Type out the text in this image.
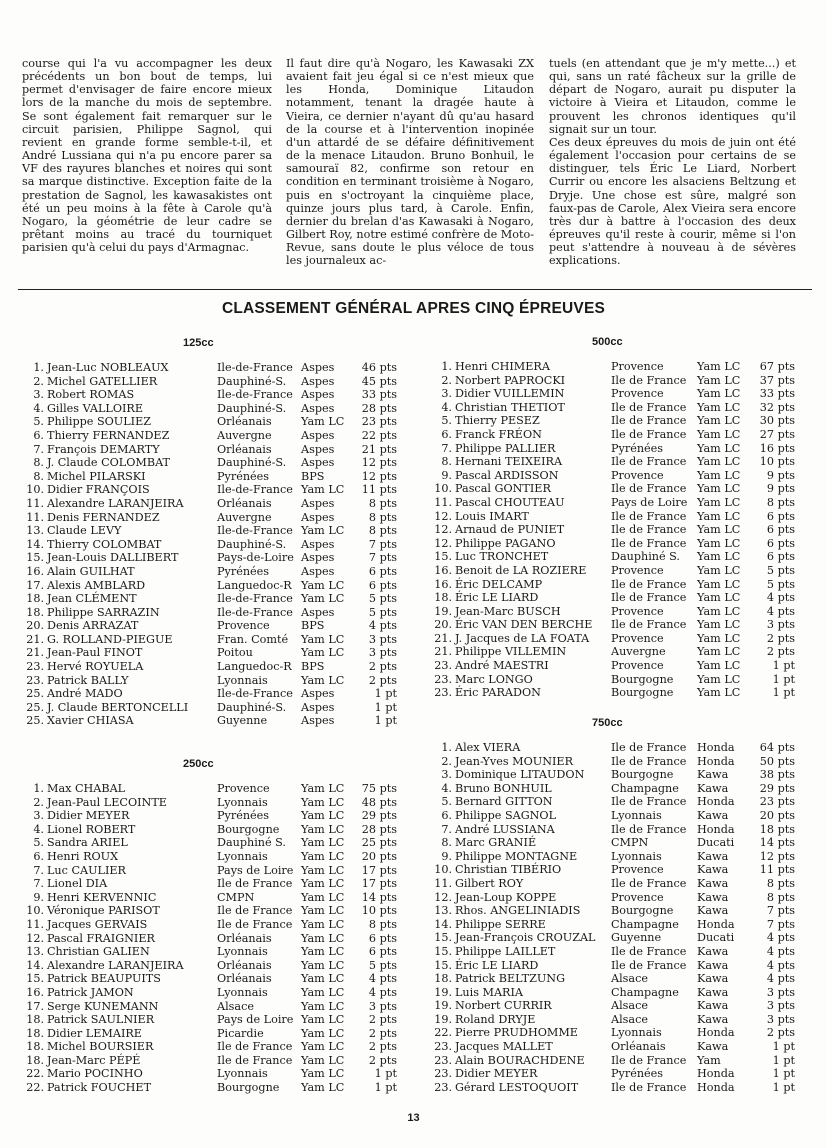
course qui l'a vu accompagner les deux précédents un bon bout de temps, lui permet d'envisager de faire encore mieux lors de la manche du mois de septembre. Se sont également fait remarquer sur le circuit parisien, Philippe Sagnol, qui revient en grande forme semble-t-il, et André Lussiana qui n'a pu encore parer sa VF des rayures blanches et noires qui sont sa marque distinctive. Exception faite de la prestation de Sagnol, les kawasakistes ont été un peu moins à la fête à Carole qu'à Nogaro, la géométrie de leur cadre se prêtant moins au tracé du tourniquet parisien qu'à celui du pays d'Armagnac.

Il faut dire qu'à Nogaro, les Kawasaki ZX avaient fait jeu égal si ce n'est mieux que les Honda, Dominique Litaudon notamment, tenant la dragée haute à Vieira, ce dernier n'ayant dû qu'au hasard de la course et à l'intervention inopinée d'un attardé de se défaire définitivement de la menace Litaudon. Bruno Bonhuil, le samouraï 82, confirme son retour en condition en terminant troisième à Nogaro, puis en s'octroyant la cinquième place, quinze jours plus tard, à Carole. Enfin, dernier du brelan d'as Kawasaki à Nogaro, Gilbert Roy, notre estimé confrère de Moto-Revue, sans doute le plus véloce de tous les journaleux ac-

tuels (en attendant que je m'y mette...) et qui, sans un raté fâcheux sur la grille de départ de Nogaro, aurait pu disputer la victoire à Vieira et Litaudon, comme le prouvent les chronos identiques qu'il signait sur un tour.

Ces deux épreuves du mois de juin ont été également l'occasion pour certains de se distinguer, tels Éric Le Liard, Norbert Currir ou encore les alsaciens Beltzung et Dryje. Une chose est sûre, malgré son faux-pas de Carole, Alex Vieira sera encore très dur à battre à l'occasion des deux épreuves qu'il reste à courir, même si l'on peut s'attendre à nouveau à de sévères explications.

CLASSEMENT GÉNÉRAL APRES CINQ ÉPREUVES
125cc
1.	Jean-Luc NOBLEAUX	Ile-de-France	Aspes	46 pts
2.	Michel GATELLIER	Dauphiné-S.	Aspes	45 pts
3.	Robert ROMAS	Ile-de-France	Aspes	33 pts
4.	Gilles VALLOIRE	Dauphiné-S.	Aspes	28 pts
5.	Philippe SOULIEZ	Orléanais	Yam LC	23 pts
6.	Thierry FERNANDEZ	Auvergne	Aspes	22 pts
7.	François DEMARTY	Orléanais	Aspes	21 pts
8.	J. Claude COLOMBAT	Dauphiné-S.	Aspes	12 pts
8.	Michel PILARSKI	Pyrénées	BPS	12 pts
10.	Didier FRANÇOIS	Ile-de-France	Yam LC	11 pts
11.	Alexandre LARANJEIRA	Orléanais	Aspes	8 pts
11.	Denis FERNANDEZ	Auvergne	Aspes	8 pts
13.	Claude LEVY	Ile-de-France	Yam LC	8 pts
14.	Thierry COLOMBAT	Dauphiné-S.	Aspes	7 pts
15.	Jean-Louis DALLIBERT	Pays-de-Loire	Aspes	7 pts
16.	Alain GUILHAT	Pyrénées	Aspes	6 pts
17.	Alexis AMBLARD	Languedoc-R	Yam LC	6 pts
18.	Jean CLÉMENT	Ile-de-France	Yam LC	5 pts
18.	Philippe SARRAZIN	Ile-de-France	Aspes	5 pts
20.	Denis ARRAZAT	Provence	BPS	4 pts
21.	G. ROLLAND-PIEGUE	Fran. Comté	Yam LC	3 pts
21.	Jean-Paul FINOT	Poitou	Yam LC	3 pts
23.	Hervé ROYUELA	Languedoc-R	BPS	2 pts
23.	Patrick BALLY	Lyonnais	Yam LC	2 pts
25.	André MADO	Ile-de-France	Aspes	1 pt
25.	J. Claude BERTONCELLI	Dauphiné-S.	Aspes	1 pt
25.	Xavier CHIASA	Guyenne	Aspes	1 pt
250cc
1.	Max CHABAL	Provence	Yam LC	75 pts
2.	Jean-Paul LECOINTE	Lyonnais	Yam LC	48 pts
3.	Didier MEYER	Pyrénées	Yam LC	29 pts
4.	Lionel ROBERT	Bourgogne	Yam LC	28 pts
5.	Sandra ARIEL	Dauphiné S.	Yam LC	25 pts
6.	Henri ROUX	Lyonnais	Yam LC	20 pts
7.	Luc CAULIER	Pays de Loire	Yam LC	17 pts
7.	Lionel DIA	Ile de France	Yam LC	17 pts
9.	Henri KERVENNIC	CMPN	Yam LC	14 pts
10.	Véronique PARISOT	Ile de France	Yam LC	10 pts
11.	Jacques GERVAIS	Ile de France	Yam LC	8 pts
12.	Pascal FRAIGNIER	Orléanais	Yam LC	6 pts
13.	Christian GALIEN	Lyonnais	Yam LC	6 pts
14.	Alexandre LARANJEIRA	Orléanais	Yam LC	5 pts
15.	Patrick BEAUPUITS	Orléanais	Yam LC	4 pts
16.	Patrick JAMON	Lyonnais	Yam LC	4 pts
17.	Serge KUNEMANN	Alsace	Yam LC	3 pts
18.	Patrick SAULNIER	Pays de Loire	Yam LC	2 pts
18.	Didier LEMAIRE	Picardie	Yam LC	2 pts
18.	Michel BOURSIER	Ile de France	Yam LC	2 pts
18.	Jean-Marc PÉPÉ	Ile de France	Yam LC	2 pts
22.	Mario POCINHO	Lyonnais	Yam LC	1 pt
22.	Patrick FOUCHET	Bourgogne	Yam LC	1 pt
500cc
1.	Henri CHIMERA	Provence	Yam LC	67 pts
2.	Norbert PAPROCKI	Ile de France	Yam LC	37 pts
3.	Didier VUILLEMIN	Provence	Yam LC	33 pts
4.	Christian THETIOT	Ile de France	Yam LC	32 pts
5.	Thierry PESEZ	Ile de France	Yam LC	30 pts
6.	Franck FRÉON	Ile de France	Yam LC	27 pts
7.	Philippe PALLIER	Pyrénées	Yam LC	16 pts
8.	Hernani TEIXEIRA	Ile de France	Yam LC	10 pts
9.	Pascal ARDISSON	Provence	Yam LC	9 pts
10.	Pascal GONTIER	Ile de France	Yam LC	9 pts
11.	Pascal CHOUTEAU	Pays de Loire	Yam LC	8 pts
12.	Louis IMART	Ile de France	Yam LC	6 pts
12.	Arnaud de PUNIET	Ile de France	Yam LC	6 pts
12.	Philippe PAGANO	Ile de France	Yam LC	6 pts
15.	Luc TRONCHET	Dauphiné S.	Yam LC	6 pts
16.	Benoit de LA ROZIERE	Provence	Yam LC	5 pts
16.	Éric DELCAMP	Ile de France	Yam LC	5 pts
18.	Éric LE LIARD	Ile de France	Yam LC	4 pts
19.	Jean-Marc BUSCH	Provence	Yam LC	4 pts
20.	Éric VAN DEN BERCHE	Ile de France	Yam LC	3 pts
21.	J. Jacques de LA FOATA	Provence	Yam LC	2 pts
21.	Philippe VILLEMIN	Auvergne	Yam LC	2 pts
23.	André MAESTRI	Provence	Yam LC	1 pt
23.	Marc LONGO	Bourgogne	Yam LC	1 pt
23.	Éric PARADON	Bourgogne	Yam LC	1 pt
750cc
1.	Alex VIERA	Ile de France	Honda	64 pts
2.	Jean-Yves MOUNIER	Ile de France	Honda	50 pts
3.	Dominique LITAUDON	Bourgogne	Kawa	38 pts
4.	Bruno BONHUIL	Champagne	Kawa	29 pts
5.	Bernard GITTON	Ile de France	Honda	23 pts
6.	Philippe SAGNOL	Lyonnais	Kawa	20 pts
7.	André LUSSIANA	Ile de France	Honda	18 pts
8.	Marc GRANIÉ	CMPN	Ducati	14 pts
9.	Philippe MONTAGNE	Lyonnais	Kawa	12 pts
10.	Christian TIBÉRIO	Provence	Kawa	11 pts
11.	Gilbert ROY	Ile de France	Kawa	8 pts
12.	Jean-Loup KOPPE	Provence	Kawa	8 pts
13.	Rhos. ANGELINIADIS	Bourgogne	Kawa	7 pts
14.	Philippe SERRE	Champagne	Honda	7 pts
15.	Jean-François CROUZAL	Guyenne	Ducati	4 pts
15.	Philippe LAILLET	Ile de France	Kawa	4 pts
15.	Éric LE LIARD	Ile de France	Kawa	4 pts
18.	Patrick BELTZUNG	Alsace	Kawa	4 pts
19.	Luis MARIA	Champagne	Kawa	3 pts
19.	Norbert CURRIR	Alsace	Kawa	3 pts
19.	Roland DRYJE	Alsace	Kawa	3 pts
22.	Pierre PRUDHOMME	Lyonnais	Honda	2 pts
23.	Jacques MALLET	Orléanais	Kawa	1 pt
23.	Alain BOURACHDENE	Ile de France	Yam	1 pt
23.	Didier MEYER	Pyrénées	Honda	1 pt
23.	Gérard LESTOQUOIT	Ile de France	Honda	1 pt
13
